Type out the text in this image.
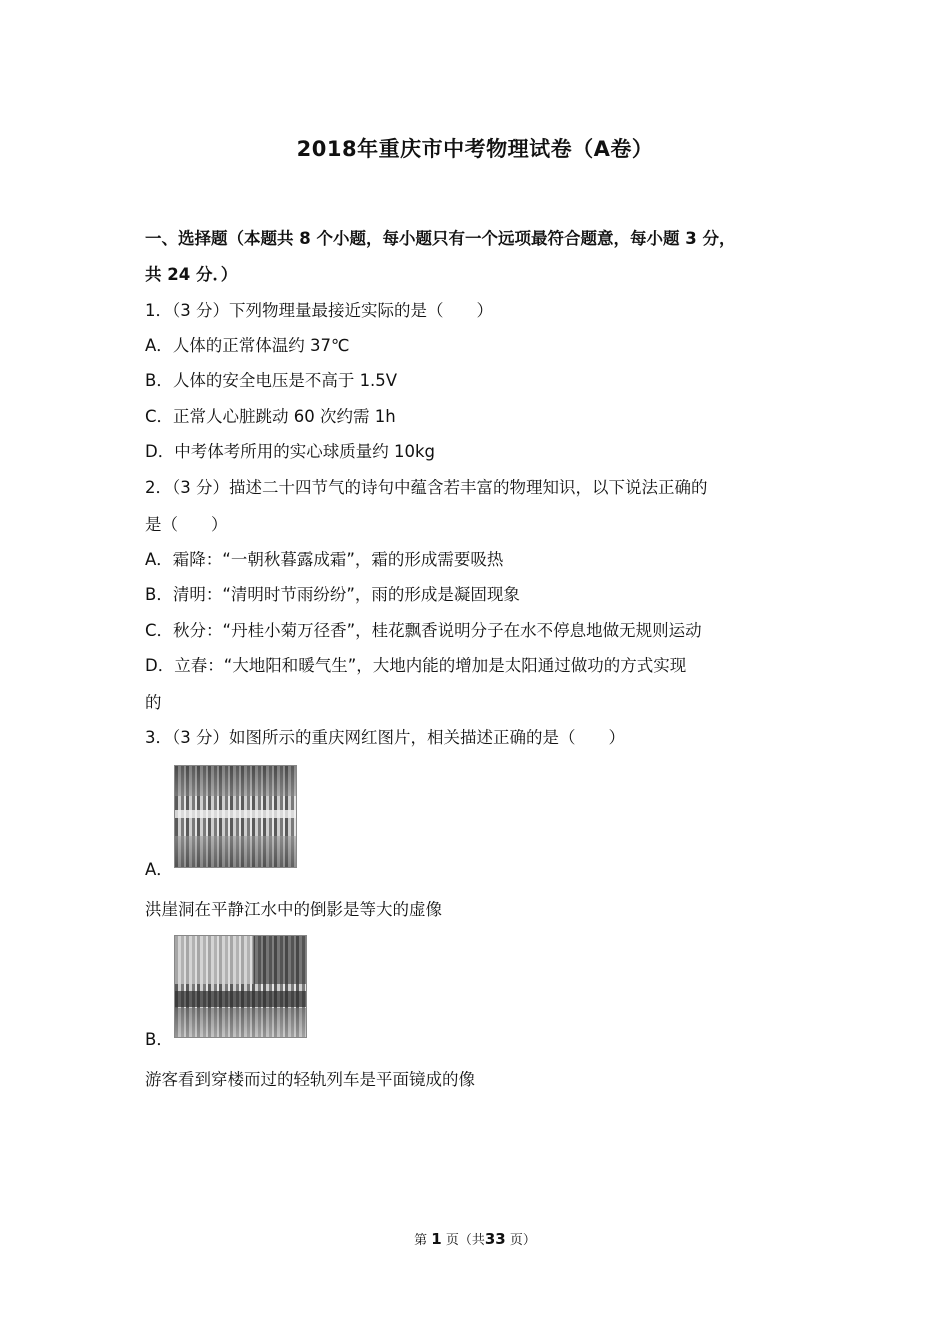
2018年重庆市中考物理试卷（A卷）
一、选择题（本题共 8 个小题，每小题只有一个远项最符合题意，每小题 3 分，
共 24 分．）
1．（3 分）下列物理量最接近实际的是（　　）
A．人体的正常体温约 37℃
B．人体的安全电压是不高于 1.5V
C．正常人心脏跳动 60 次约需 1h
D．中考体考所用的实心球质量约 10kg
2．（3 分）描述二十四节气的诗句中蕴含若丰富的物理知识，以下说法正确的
是（　　）
A．霜降：“一朝秋暮露成霜”，霜的形成需要吸热
B．清明：“清明时节雨纷纷”，雨的形成是凝固现象
C．秋分：“丹桂小菊万径香”，桂花飘香说明分子在水不停息地做无规则运动
D．立春：“大地阳和暖气生”，大地内能的增加是太阳通过做功的方式实现
的
3．（3 分）如图所示的重庆网红图片，相关描述正确的是（　　）
A．
洪崖洞在平静江水中的倒影是等大的虚像
B．
游客看到穿楼而过的轻轨列车是平面镜成的像
第 1 页（共33 页）
